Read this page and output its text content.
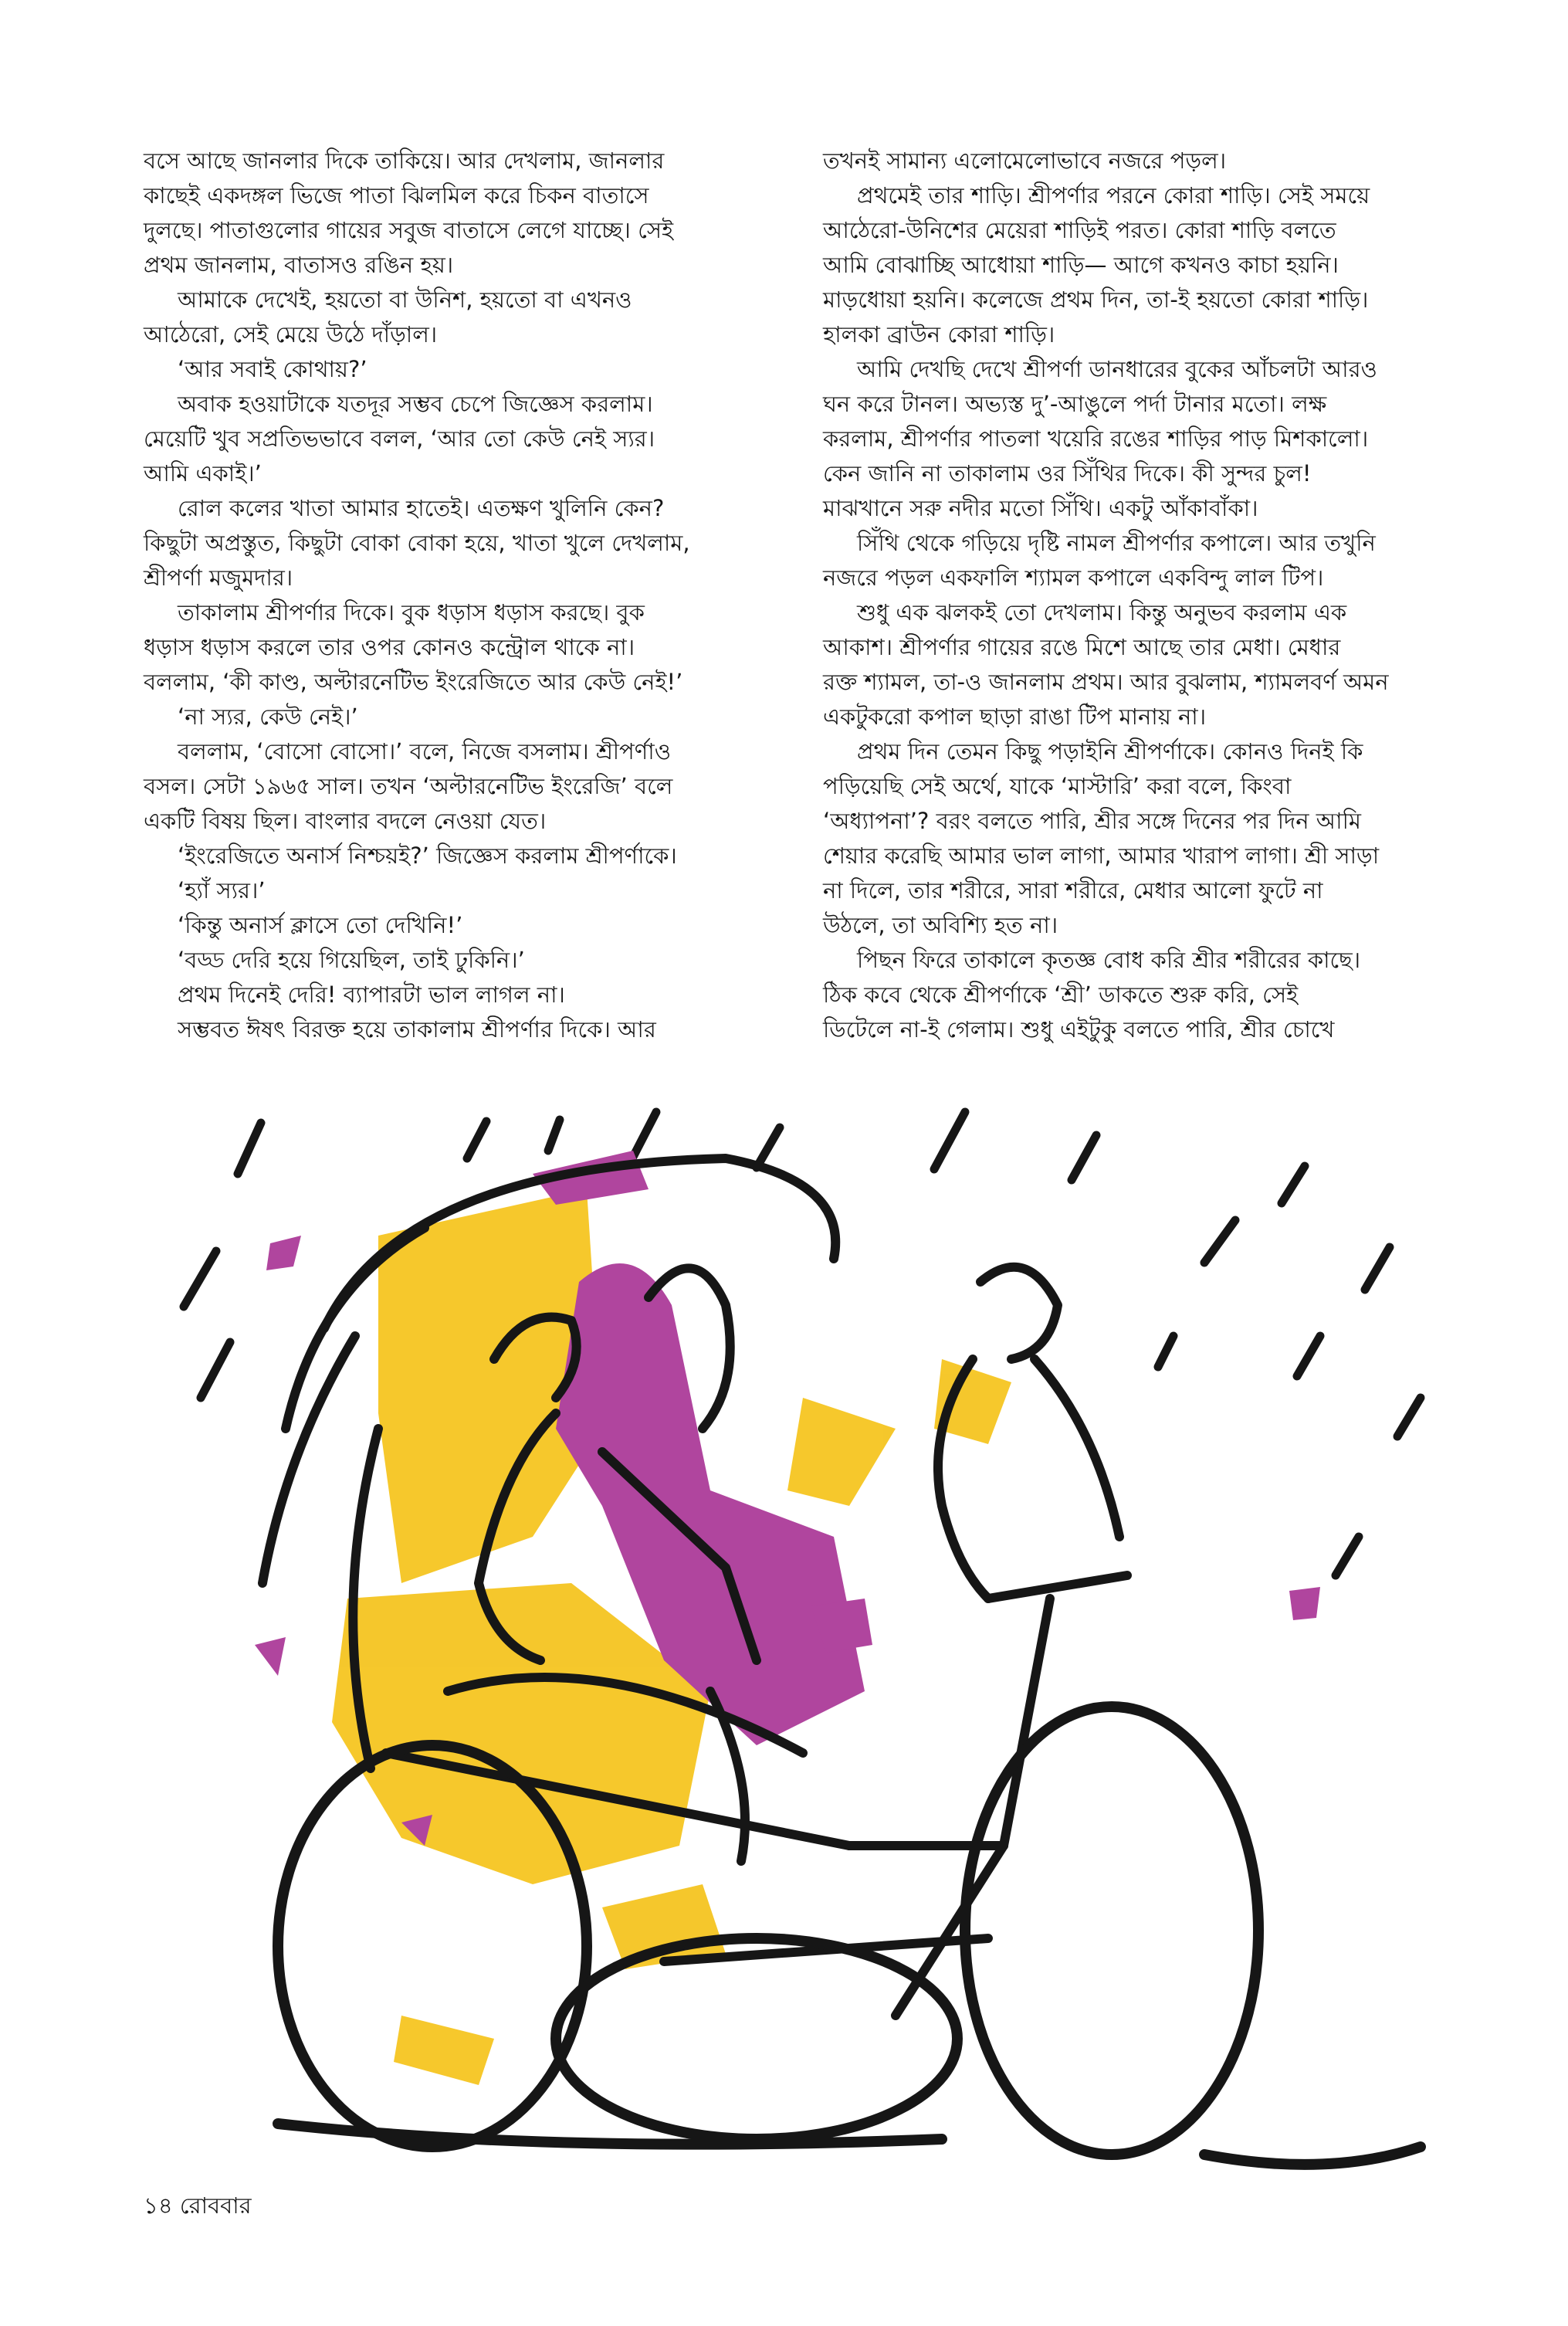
বসে আছে জানলার দিকে তাকিয়ে। আর দেখলাম, জানলার

কাছেই একদঙ্গল ভিজে পাতা ঝিলমিল করে চিকন বাতাসে

দুলছে। পাতাগুলোর গায়ের সবুজ বাতাসে লেগে যাচ্ছে। সেই

প্রথম জানলাম, বাতাসও রঙিন হয়।

আমাকে দেখেই, হয়তো বা উনিশ, হয়তো বা এখনও

আঠেরো, সেই মেয়ে উঠে দাঁড়াল।

‘আর সবাই কোথায়?’

অবাক হওয়াটাকে যতদূর সম্ভব চেপে জিজ্ঞেস করলাম।

মেয়েটি খুব সপ্রতিভভাবে বলল, ‘আর তো কেউ নেই স্যর।

আমি একাই।’

রোল কলের খাতা আমার হাতেই। এতক্ষণ খুলিনি কেন?

কিছুটা অপ্রস্তুত, কিছুটা বোকা বোকা হয়ে, খাতা খুলে দেখলাম,

শ্রীপর্ণা মজুমদার।

তাকালাম শ্রীপর্ণার দিকে। বুক ধড়াস ধড়াস করছে। বুক

ধড়াস ধড়াস করলে তার ওপর কোনও কন্ট্রোল থাকে না।

বললাম, ‘কী কাণ্ড, অল্টারনেটিভ ইংরেজিতে আর কেউ নেই!’

‘না স্যর, কেউ নেই।’

বললাম, ‘বোসো বোসো।’ বলে, নিজে বসলাম। শ্রীপর্ণাও

বসল। সেটা ১৯৬৫ সাল। তখন ‘অল্টারনেটিভ ইংরেজি’ বলে

একটি বিষয় ছিল। বাংলার বদলে নেওয়া যেত।

‘ইংরেজিতে অনার্স নিশ্চয়ই?’ জিজ্ঞেস করলাম শ্রীপর্ণাকে।

‘হ্যাঁ স্যর।’

‘কিন্তু অনার্স ক্লাসে তো দেখিনি!’

‘বড্ড দেরি হয়ে গিয়েছিল, তাই ঢুকিনি।’

প্রথম দিনেই দেরি! ব্যাপারটা ভাল লাগল না।

সম্ভবত ঈষৎ বিরক্ত হয়ে তাকালাম শ্রীপর্ণার দিকে। আর

তখনই সামান্য এলোমেলোভাবে নজরে পড়ল।

প্রথমেই তার শাড়ি। শ্রীপর্ণার পরনে কোরা শাড়ি। সেই সময়ে

আঠেরো-উনিশের মেয়েরা শাড়িই পরত। কোরা শাড়ি বলতে

আমি বোঝাচ্ছি আধোয়া শাড়ি— আগে কখনও কাচা হয়নি।

মাড়ধোয়া হয়নি। কলেজে প্রথম দিন, তা-ই হয়তো কোরা শাড়ি।

হালকা ব্রাউন কোরা শাড়ি।

আমি দেখছি দেখে শ্রীপর্ণা ডানধারের বুকের আঁচলটা আরও

ঘন করে টানল। অভ্যস্ত দু’-আঙুলে পর্দা টানার মতো। লক্ষ

করলাম, শ্রীপর্ণার পাতলা খয়েরি রঙের শাড়ির পাড় মিশকালো।

কেন জানি না তাকালাম ওর সিঁথির দিকে। কী সুন্দর চুল!

মাঝখানে সরু নদীর মতো সিঁথি। একটু আঁকাবাঁকা।

সিঁথি থেকে গড়িয়ে দৃষ্টি নামল শ্রীপর্ণার কপালে। আর তখুনি

নজরে পড়ল একফালি শ্যামল কপালে একবিন্দু লাল টিপ।

শুধু এক ঝলকই তো দেখলাম। কিন্তু অনুভব করলাম এক

আকাশ। শ্রীপর্ণার গায়ের রঙে মিশে আছে তার মেধা। মেধার

রক্ত শ্যামল, তা-ও জানলাম প্রথম। আর বুঝলাম, শ্যামলবর্ণ অমন

একটুকরো কপাল ছাড়া রাঙা টিপ মানায় না।

প্রথম দিন তেমন কিছু পড়াইনি শ্রীপর্ণাকে। কোনও দিনই কি

পড়িয়েছি সেই অর্থে, যাকে ‘মাস্টারি’ করা বলে, কিংবা

‘অধ্যাপনা’? বরং বলতে পারি, শ্রীর সঙ্গে দিনের পর দিন আমি

শেয়ার করেছি আমার ভাল লাগা, আমার খারাপ লাগা। শ্রী সাড়া

না দিলে, তার শরীরে, সারা শরীরে, মেধার আলো ফুটে না

উঠলে, তা অবিশ্যি হত না।

পিছন ফিরে তাকালে কৃতজ্ঞ বোধ করি শ্রীর শরীরের কাছে।

ঠিক কবে থেকে শ্রীপর্ণাকে ‘শ্রী’ ডাকতে শুরু করি, সেই

ডিটেলে না-ই গেলাম। শুধু এইটুকু বলতে পারি, শ্রীর চোখে

১৪ রোববার
